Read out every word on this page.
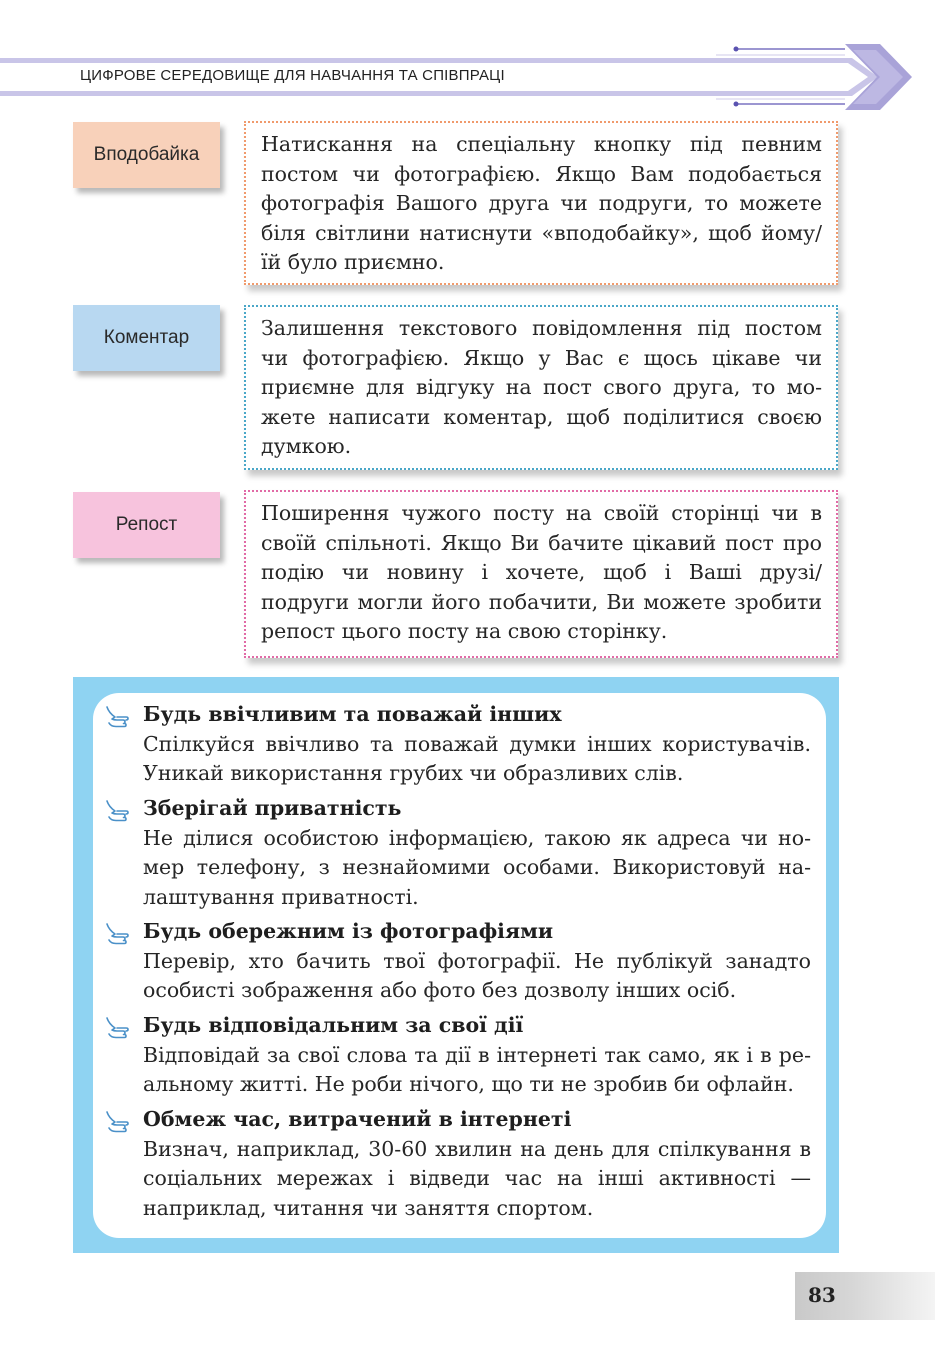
ЦИФРОВЕ СЕРЕДОВИЩЕ ДЛЯ НАВЧАННЯ ТА СПІВПРАЦІ
Вподобайка	Натискання на спеціальну кнопку під певним постом чи фотографією. Якщо Вам подобається фотографія Вашого друга чи подруги, то можете біля світлини натиснути «вподобайку», щоб йому/їй було приємно.
Коментар	Залишення текстового повідомлення під постом чи фотографією. Якщо у Вас є щось цікаве чи приємне для відгуку на пост свого друга, то можете написати коментар, щоб поділитися своєю думкою.
Репост	Поширення чужого посту на своїй сторінці чи в своїй спільноті. Якщо Ви бачите цікавий пост про подію чи новину і хочете, щоб і Ваші друзі/ подруги могли його побачити, Ви можете зробити репост цього посту на свою сторінку.
Будь ввічливим та поважай інших
Спілкуйся ввічливо та поважай думки інших користувачів. Уникай використання грубих чи образливих слів.
Зберігай приватність
Не ділися особистою інформацією, такою як адреса чи номер телефону, з незнайомими особами. Використовуй налаштування приватності.
Будь обережним із фотографіями
Перевір, хто бачить твої фотографії. Не публікуй занадто особисті зображення або фото без дозволу інших осіб.
Будь відповідальним за свої дії
Відповідай за свої слова та дії в інтернеті так само, як і в реальному житті. Не роби нічого, що ти не зробив би офлайн.
Обмеж час, витрачений в інтернеті
Визнач, наприклад, 30-60 хвилин на день для спілкування в соціальних мережах і відведи час на інші активності — наприклад, читання чи заняття спортом.
83
